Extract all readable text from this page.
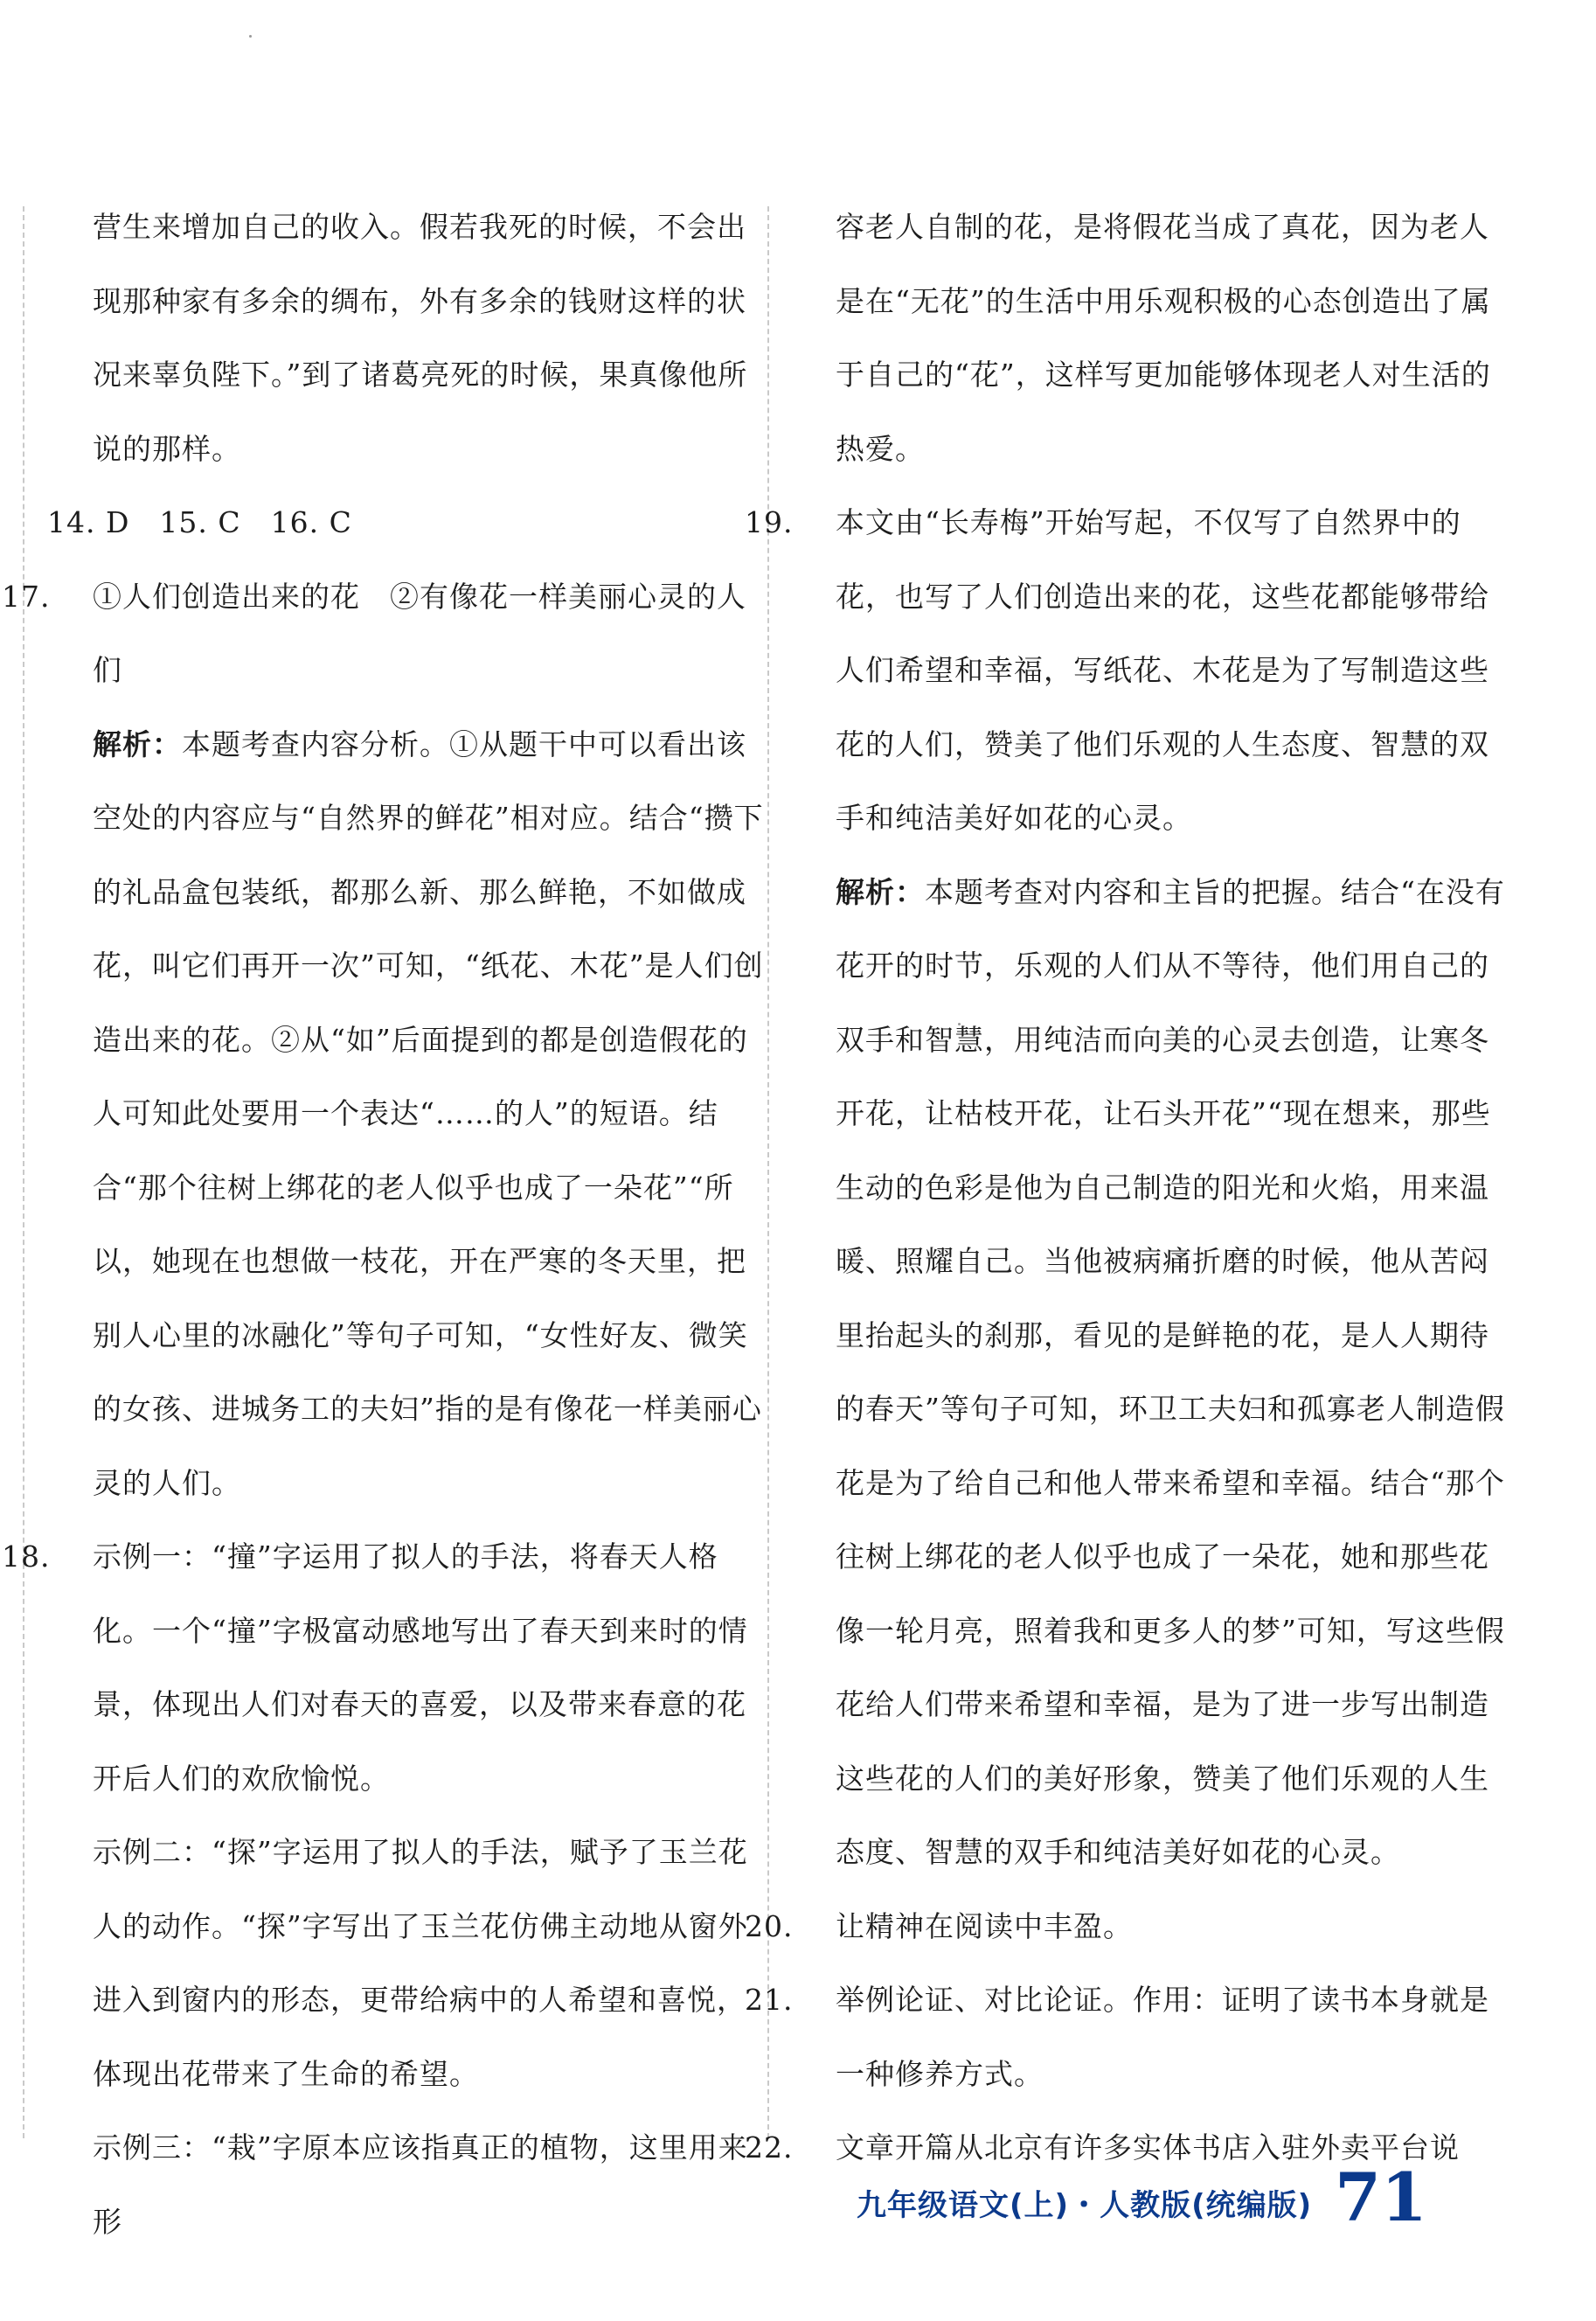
营生来增加自己的收入。假若我死的时候，不会出

现那种家有多余的绸布，外有多余的钱财这样的状

况来辜负陛下。”到了诸葛亮死的时候，果真像他所

说的那样。

14. D　15. C　16. C

17. ①人们创造出来的花　②有像花一样美丽心灵的人们

解析：本题考查内容分析。①从题干中可以看出该空处的内容应与“自然界的鲜花”相对应。结合“攒下的礼品盒包装纸，都那么新、那么鲜艳，不如做成花，叫它们再开一次”可知，“纸花、木花”是人们创造出来的花。②从“如”后面提到的都是创造假花的人可知此处要用一个表达“……的人”的短语。结合“那个往树上绑花的老人似乎也成了一朵花”“所以，她现在也想做一枝花，开在严寒的冬天里，把别人心里的冰融化”等句子可知，“女性好友、微笑的女孩、进城务工的夫妇”指的是有像花一样美丽心灵的人们。

18. 示例一：“撞”字运用了拟人的手法，将春天人格化。一个“撞”字极富动感地写出了春天到来时的情景，体现出人们对春天的喜爱，以及带来春意的花开后人们的欢欣愉悦。

示例二：“探”字运用了拟人的手法，赋予了玉兰花人的动作。“探”字写出了玉兰花仿佛主动地从窗外进入到窗内的形态，更带给病中的人希望和喜悦，体现出花带来了生命的希望。

示例三：“栽”字原本应该指真正的植物，这里用来形

容老人自制的花，是将假花当成了真花，因为老人是在“无花”的生活中用乐观积极的心态创造出了属于自己的“花”，这样写更加能够体现老人对生活的热爱。

19. 本文由“长寿梅”开始写起，不仅写了自然界中的花，也写了人们创造出来的花，这些花都能够带给人们希望和幸福，写纸花、木花是为了写制造这些花的人们，赞美了他们乐观的人生态度、智慧的双手和纯洁美好如花的心灵。

解析：本题考查对内容和主旨的把握。结合“在没有花开的时节，乐观的人们从不等待，他们用自己的双手和智慧，用纯洁而向美的心灵去创造，让寒冬开花，让枯枝开花，让石头开花”“现在想来，那些生动的色彩是他为自己制造的阳光和火焰，用来温暖、照耀自己。当他被病痛折磨的时候，他从苦闷里抬起头的刹那，看见的是鲜艳的花，是人人期待的春天”等句子可知，环卫工夫妇和孤寡老人制造假花是为了给自己和他人带来希望和幸福。结合“那个往树上绑花的老人似乎也成了一朵花，她和那些花像一轮月亮，照着我和更多人的梦”可知，写这些假花给人们带来希望和幸福，是为了进一步写出制造这些花的人们的美好形象，赞美了他们乐观的人生态度、智慧的双手和纯洁美好如花的心灵。

20. 让精神在阅读中丰盈。

21. 举例论证、对比论证。作用：证明了读书本身就是一种修养方式。

22. 文章开篇从北京有许多实体书店入驻外卖平台说

九年级语文(上)・人教版(统编版) 71
